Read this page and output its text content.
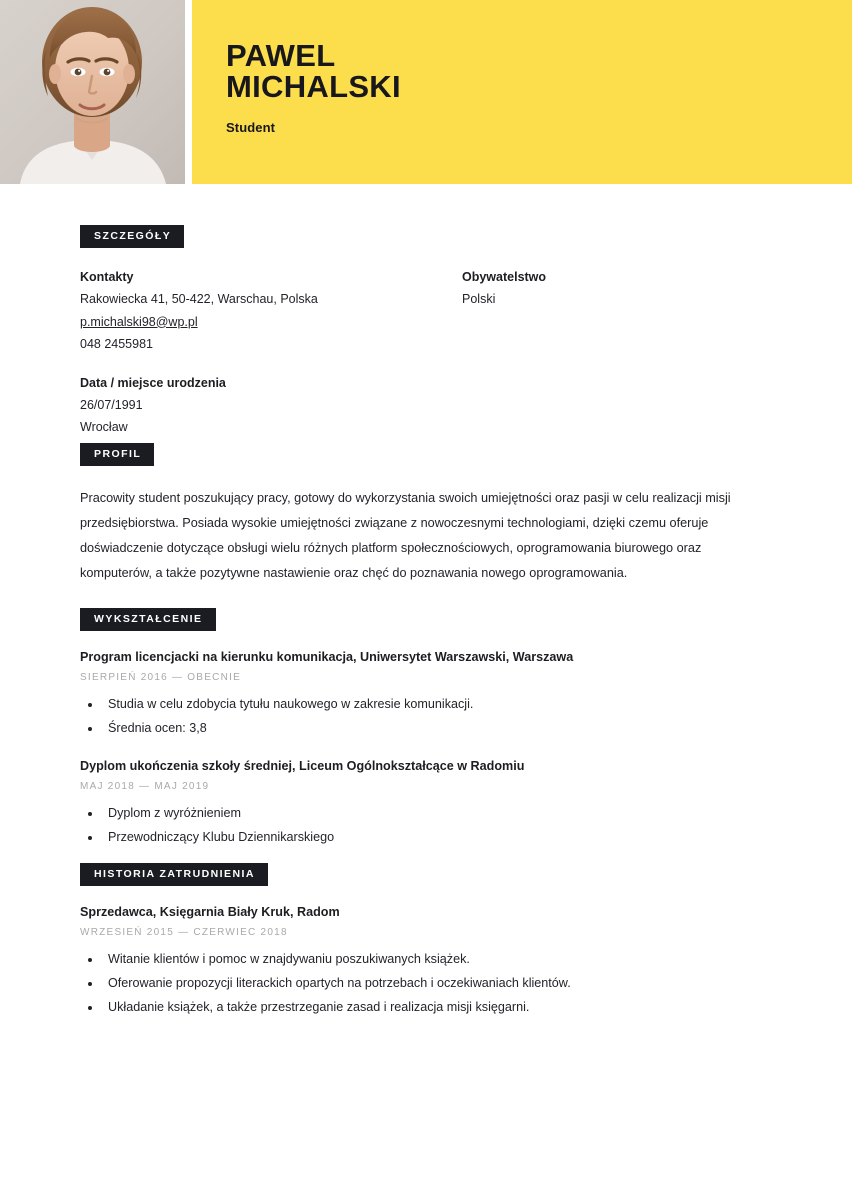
PAWEL
MICHALSKI
Student
SZCZEGÓŁY
Kontakty
Rakowiecka 41, 50-422, Warschau, Polska
p.michalski98@wp.pl
048 2455981
Obywatelstwo
Polski
Data / miejsce urodzenia
26/07/1991
Wrocław
PROFIL

Pracowity student poszukujący pracy, gotowy do wykorzystania swoich umiejętności oraz pasji w celu realizacji misji przedsiębiorstwa. Posiada wysokie umiejętności związane z nowoczesnymi technologiami, dzięki czemu oferuje doświadczenie dotyczące obsługi wielu różnych platform społecznościowych, oprogramowania biurowego oraz komputerów, a także pozytywne nastawienie oraz chęć do poznawania nowego oprogramowania.

WYKSZTAŁCENIE
Program licencjacki na kierunku komunikacja, Uniwersytet Warszawski, Warszawa
SIERPIEŃ 2016 — OBECNIE
• Studia w celu zdobycia tytułu naukowego w zakresie komunikacji.
• Średnia ocen: 3,8
Dyplom ukończenia szkoły średniej, Liceum Ogólnokształcące w Radomiu
MAJ 2018 — MAJ 2019
• Dyplom z wyróżnieniem
• Przewodniczący Klubu Dziennikarskiego
HISTORIA ZATRUDNIENIA
Sprzedawca, Księgarnia Biały Kruk, Radom
WRZESIEŃ 2015 — CZERWIEC 2018
• Witanie klientów i pomoc w znajdywaniu poszukiwanych książek.
• Oferowanie propozycji literackich opartych na potrzebach i oczekiwaniach klientów.
• Układanie książek, a także przestrzeganie zasad i realizacja misji księgarni.
